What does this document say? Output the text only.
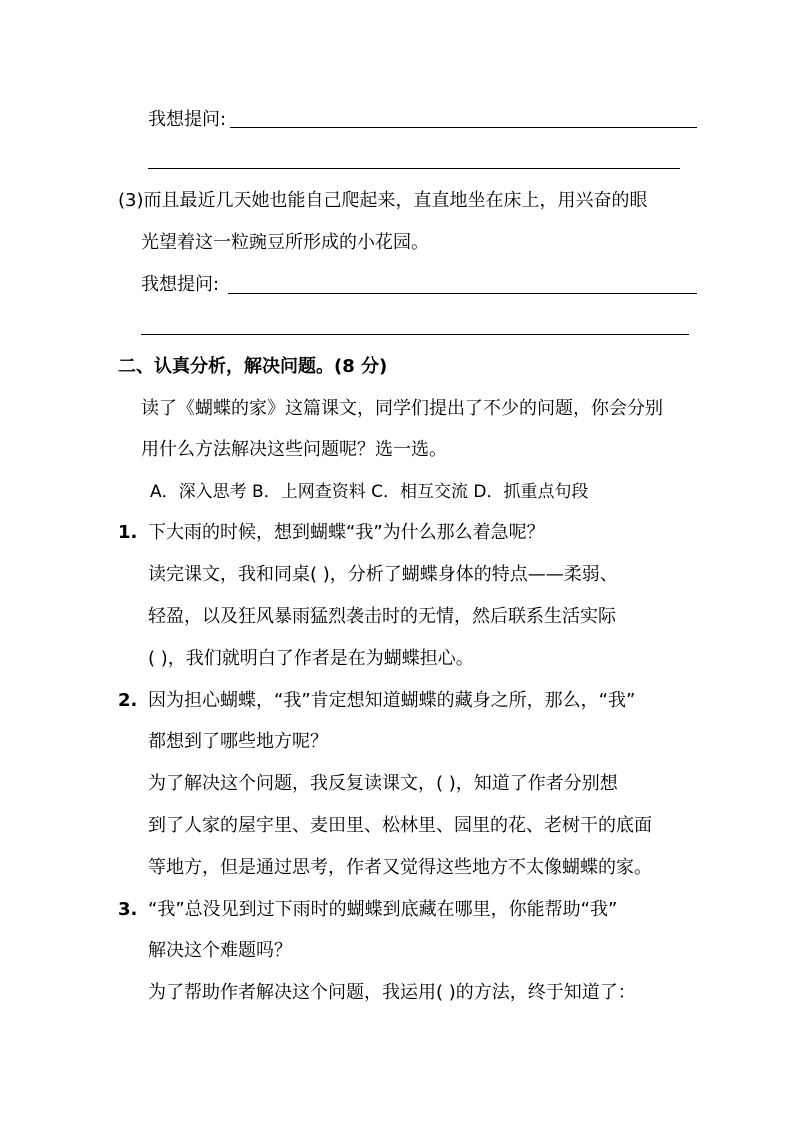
我想提问:
(3)而且最近几天她也能自己爬起来，直直地坐在床上，用兴奋的眼
光望着这一粒豌豆所形成的小花园。
我想提问:
二、认真分析，解决问题。(8 分)
读了《蝴蝶的家》这篇课文，同学们提出了不少的问题，你会分别
用什么方法解决这些问题呢？选一选。
A．深入思考 B．上网查资料 C．相互交流 D．抓重点句段
1. 下大雨的时候，想到蝴蝶“我”为什么那么着急呢？
读完课文，我和同桌( )，分析了蝴蝶身体的特点——柔弱、
轻盈，以及狂风暴雨猛烈袭击时的无情，然后联系生活实际
( )，我们就明白了作者是在为蝴蝶担心。
2. 因为担心蝴蝶，“我”肯定想知道蝴蝶的藏身之所，那么，“我”
都想到了哪些地方呢？
为了解决这个问题，我反复读课文，( )，知道了作者分别想
到了人家的屋宇里、麦田里、松林里、园里的花、老树干的底面
等地方，但是通过思考，作者又觉得这些地方不太像蝴蝶的家。
3. “我”总没见到过下雨时的蝴蝶到底藏在哪里，你能帮助“我”
解决这个难题吗？
为了帮助作者解决这个问题，我运用( )的方法，终于知道了：
